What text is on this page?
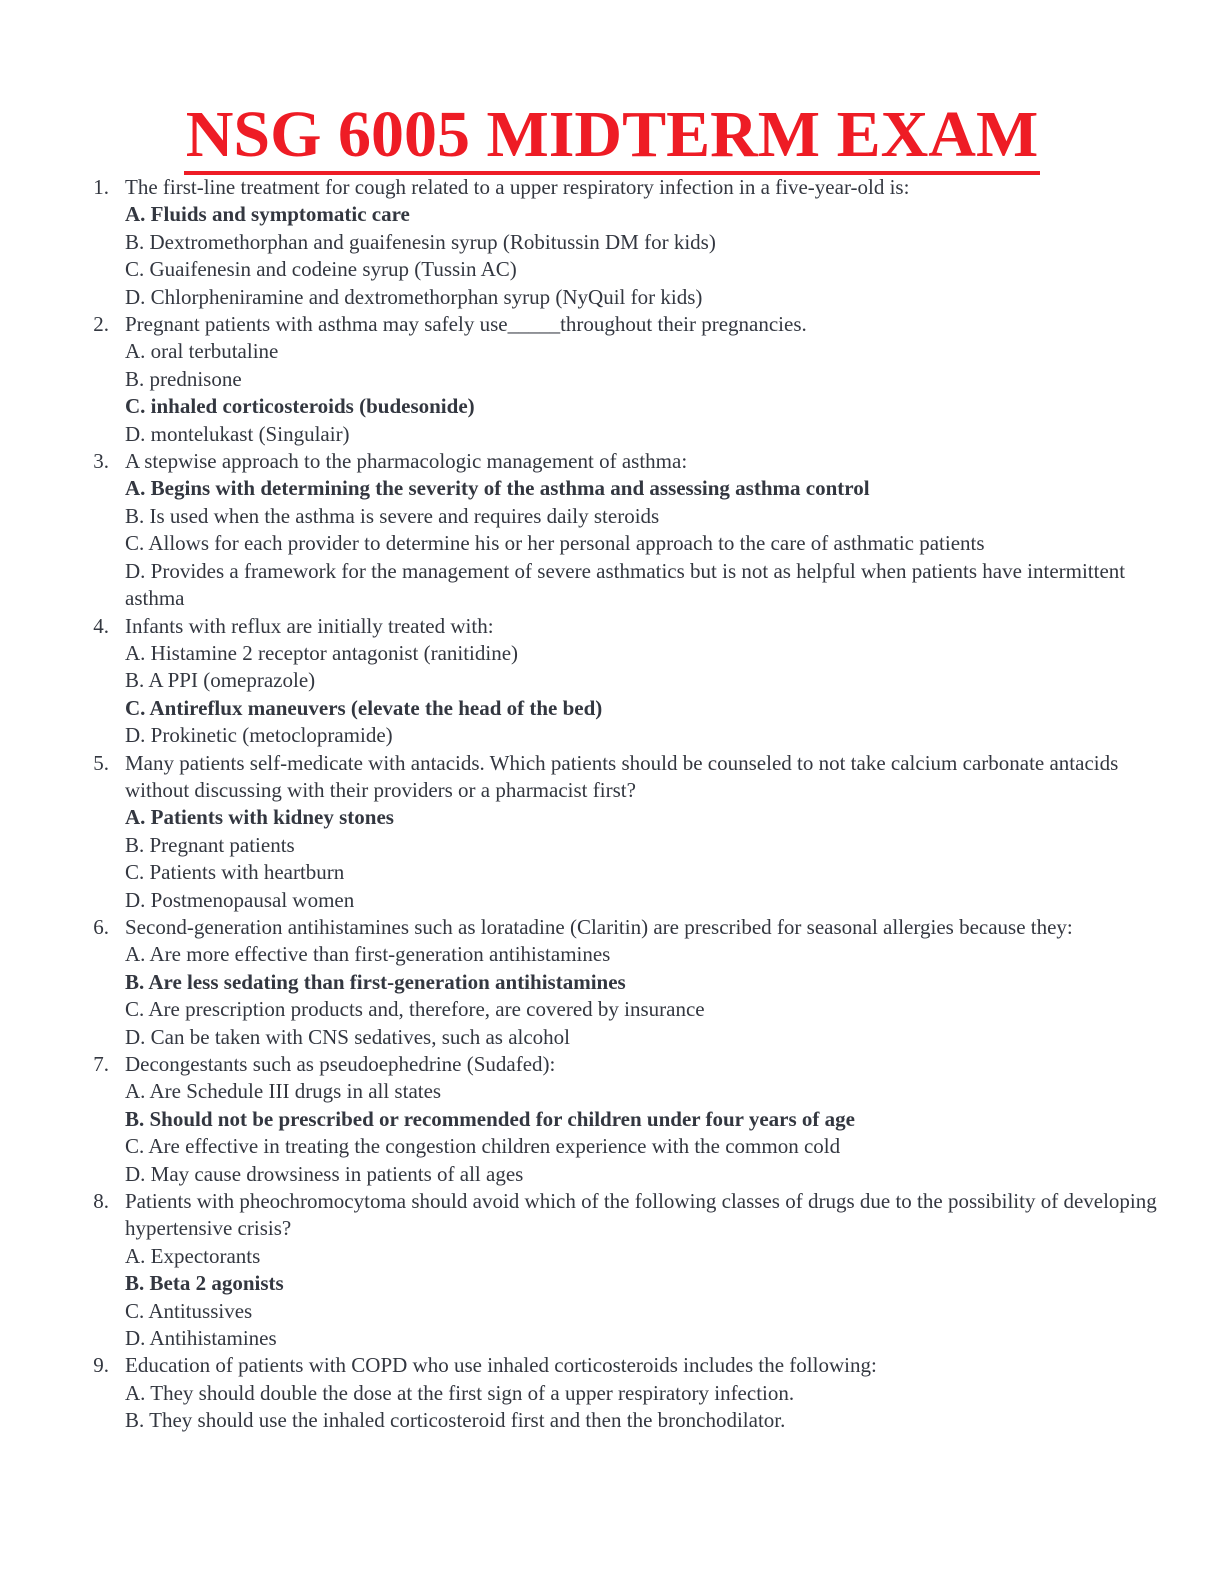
NSG 6005 MIDTERM EXAM
1. The first-line treatment for cough related to a upper respiratory infection in a five-year-old is:
A. Fluids and symptomatic care
B. Dextromethorphan and guaifenesin syrup (Robitussin DM for kids)
C. Guaifenesin and codeine syrup (Tussin AC)
D. Chlorpheniramine and dextromethorphan syrup (NyQuil for kids)
2. Pregnant patients with asthma may safely use_____throughout their pregnancies.
A. oral terbutaline
B. prednisone
C. inhaled corticosteroids (budesonide)
D. montelukast (Singulair)
3. A stepwise approach to the pharmacologic management of asthma:
A. Begins with determining the severity of the asthma and assessing asthma control
B. Is used when the asthma is severe and requires daily steroids
C. Allows for each provider to determine his or her personal approach to the care of asthmatic patients
D. Provides a framework for the management of severe asthmatics but is not as helpful when patients have intermittent asthma
4. Infants with reflux are initially treated with:
A. Histamine 2 receptor antagonist (ranitidine)
B. A PPI (omeprazole)
C. Antireflux maneuvers (elevate the head of the bed)
D. Prokinetic (metoclopramide)
5. Many patients self-medicate with antacids. Which patients should be counseled to not take calcium carbonate antacids without discussing with their providers or a pharmacist first?
A. Patients with kidney stones
B. Pregnant patients
C. Patients with heartburn
D. Postmenopausal women
6. Second-generation antihistamines such as loratadine (Claritin) are prescribed for seasonal allergies because they:
A. Are more effective than first-generation antihistamines
B. Are less sedating than first-generation antihistamines
C. Are prescription products and, therefore, are covered by insurance
D. Can be taken with CNS sedatives, such as alcohol
7. Decongestants such as pseudoephedrine (Sudafed):
A. Are Schedule III drugs in all states
B. Should not be prescribed or recommended for children under four years of age
C. Are effective in treating the congestion children experience with the common cold
D. May cause drowsiness in patients of all ages
8. Patients with pheochromocytoma should avoid which of the following classes of drugs due to the possibility of developing hypertensive crisis?
A. Expectorants
B. Beta 2 agonists
C. Antitussives
D. Antihistamines
9. Education of patients with COPD who use inhaled corticosteroids includes the following:
A. They should double the dose at the first sign of a upper respiratory infection.
B. They should use the inhaled corticosteroid first and then the bronchodilator.
